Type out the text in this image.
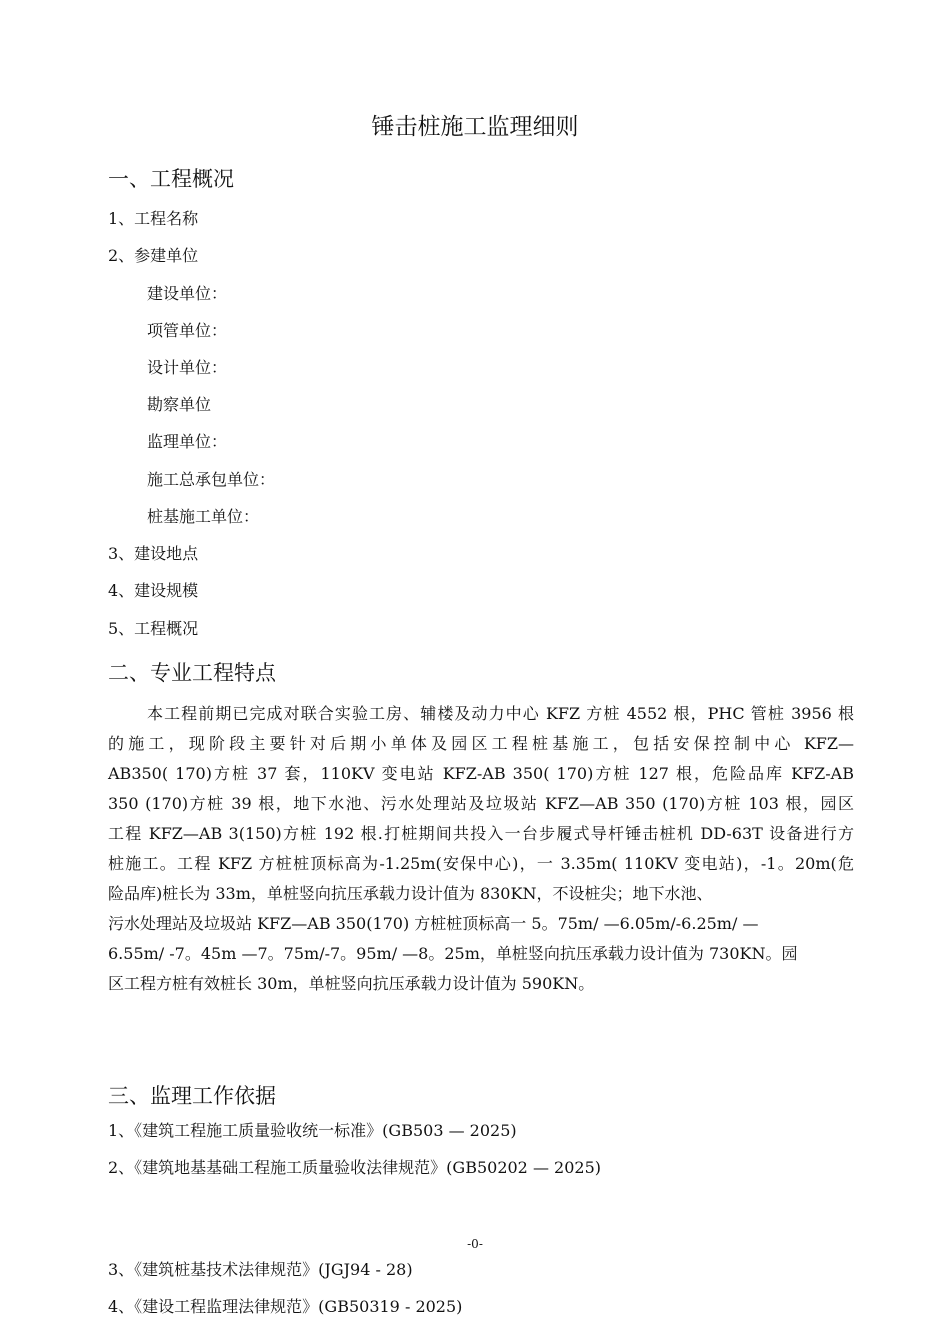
锤击桩施工监理细则
一、工程概况
1、工程名称
2、参建单位
建设单位：
项管单位：
设计单位：
勘察单位
监理单位：
施工总承包单位：
桩基施工单位：
3、建设地点
4、建设规模
5、工程概况
二、专业工程特点
本工程前期已完成对联合实验工房、辅楼及动力中心 KFZ 方桩 4552 根，PHC 管桩 3956 根
的施工，现阶段主要针对后期小单体及园区工程桩基施工，包括安保控制中心 KFZ—
AB350( 170)方桩 37 套，110KV 变电站 KFZ-AB 350( 170)方桩 127 根，危险品库 KFZ-AB
350 (170)方桩 39 根，地下水池、污水处理站及垃圾站 KFZ—AB 350 (170)方桩 103 根，园区
工程 KFZ—AB 3(150)方桩 192 根.打桩期间共投入一台步履式导杆锤击桩机 DD-63T 设备进行方
桩施工。工程 KFZ 方桩桩顶标高为-1.25m(安保中心)，一 3.35m( 110KV 变电站)，-1。20m(危
险品库)桩长为 33m，单桩竖向抗压承载力设计值为 830KN，不设桩尖；地下水池、
污水处理站及垃圾站 KFZ—AB 350(170) 方桩桩顶标高一 5。75m/ —6.05m/-6.25m/ —
6.55m/ -7。45m —7。75m/-7。95m/ —8。25m，单桩竖向抗压承载力设计值为 730KN。园
区工程方桩有效桩长 30m，单桩竖向抗压承载力设计值为 590KN。
三、监理工作依据
1、《建筑工程施工质量验收统一标准》(GB503 — 2025)
2、《建筑地基基础工程施工质量验收法律规范》(GB50202 — 2025)
-0-
3、《建筑桩基技术法律规范》(JGJ94 - 28)
4、《建设工程监理法律规范》(GB50319 - 2025)
